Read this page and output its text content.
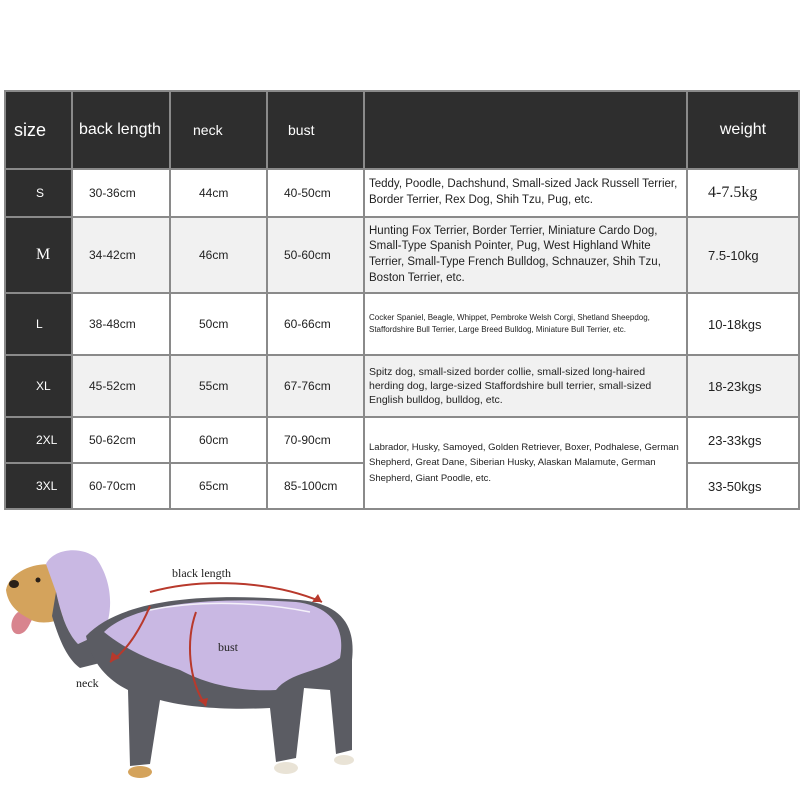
size	back length	neck	bust		weight

S	30-36cm	44cm	40-50cm	Teddy, Poodle, Dachshund, Small-sized Jack Russell Terrier, Border Terrier, Rex Dog, Shih Tzu, Pug, etc.	4-7.5kg
M	34-42cm	46cm	50-60cm	Hunting Fox Terrier, Border Terrier, Miniature Cardo Dog, Small-Type Spanish Pointer, Pug, West Highland White Terrier, Small-Type French Bulldog, Schnauzer, Shih Tzu, Boston Terrier, etc.	7.5-10kg
L	38-48cm	50cm	60-66cm	Cocker Spaniel, Beagle, Whippet, Pembroke Welsh Corgi, Shetland Sheepdog, Staffordshire Bull Terrier, Large Breed Bulldog, Miniature Bull Terrier, etc.	10-18kgs
XL	45-52cm	55cm	67-76cm	Spitz dog, small-sized border collie, small-sized long-haired herding dog, large-sized Staffordshire bull terrier, small-sized English bulldog, bulldog, etc.	18-23kgs
2XL	50-62cm	60cm	70-90cm	Labrador, Husky, Samoyed, Golden Retriever, Boxer, Podhalese, German Shepherd, Great Dane, Siberian Husky, Alaskan Malamute, German Shepherd, Giant Poodle, etc.	23-33kgs
3XL	60-70cm	65cm	85-100cm		33-50kgs
black length
bust
neck
